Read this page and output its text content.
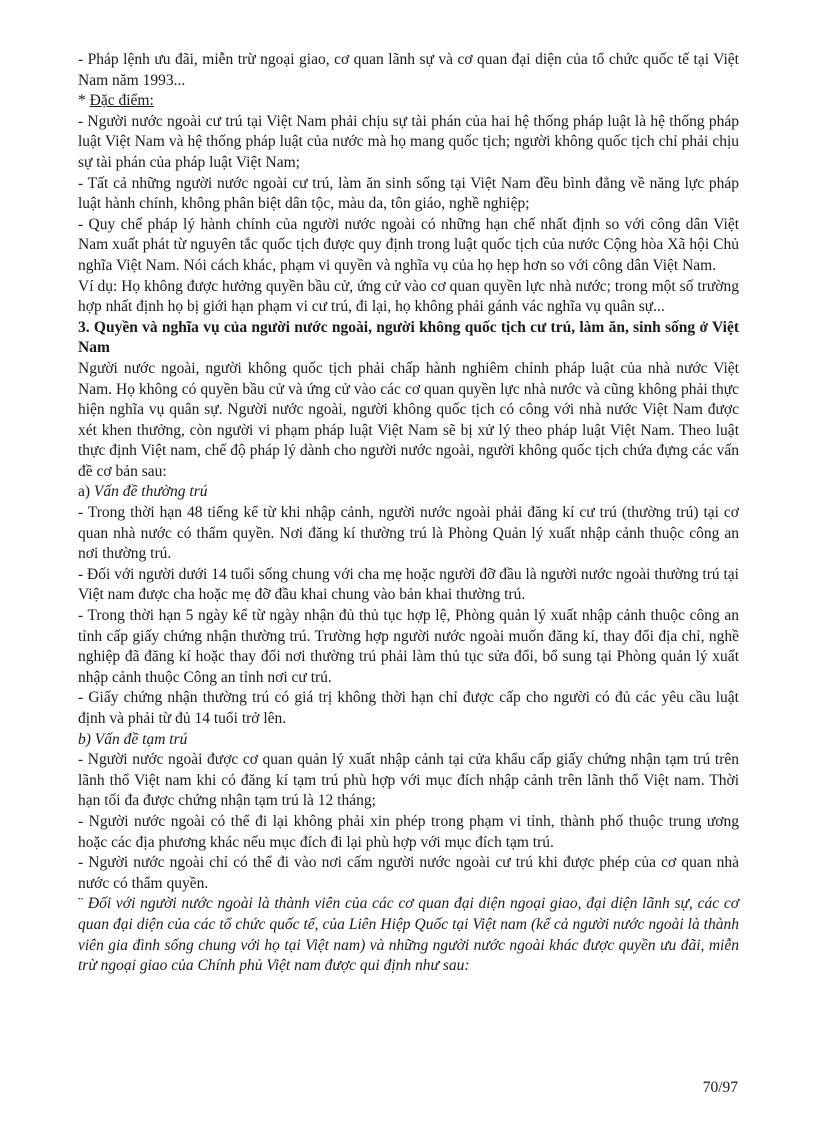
- Pháp lệnh ưu đãi, miễn trừ ngoại giao, cơ quan lãnh sự và cơ quan đại diện của tổ chức quốc tế tại Việt Nam năm 1993...

* Đặc điểm:

- Người nước ngoài cư trú tại Việt Nam phải chịu sự tài phán của hai hệ thống pháp luật là hệ thống pháp luật Việt Nam và hệ thống pháp luật của nước mà họ mang quốc tịch; người không quốc tịch chỉ phải chịu sự tài phán của pháp luật Việt Nam;

- Tất cả những người nước ngoài cư trú, làm ăn sinh sống tại Việt Nam đều bình đẳng về năng lực pháp luật hành chính, không phân biệt dân tộc, màu da, tôn giáo, nghề nghiệp;

- Quy chế pháp lý hành chính của người nước ngoài có những hạn chế nhất định so với công dân Việt Nam xuất phát từ nguyên tắc quốc tịch được quy định trong luật quốc tịch của nước Cộng hòa Xã hội Chủ nghĩa Việt Nam. Nói cách khác, phạm vi quyền và nghĩa vụ của họ hẹp hơn so với công dân Việt Nam.

Ví dụ: Họ không được hưởng quyền bầu cử, ứng cử vào cơ quan quyền lực nhà nước; trong một số trường hợp nhất định họ bị giới hạn phạm vi cư trú, đi lại, họ không phải gánh vác nghĩa vụ quân sự...

3. Quyền và nghĩa vụ của người nước ngoài, người không quốc tịch cư trú, làm ăn, sinh sống ở Việt Nam

Người nước ngoài, người không quốc tịch phải chấp hành nghiêm chỉnh pháp luật của nhà nước Việt Nam. Họ không có quyền bầu cử và ứng cử vào các cơ quan quyền lực nhà nước và cũng không phải thực hiện nghĩa vụ quân sự. Người nước ngoài, người không quốc tịch có công với nhà nước Việt Nam được xét khen thưởng, còn người vi phạm pháp luật Việt Nam sẽ bị xử lý theo pháp luật Việt Nam. Theo luật thực định Việt nam, chế độ pháp lý dành cho người nước ngoài, người không quốc tịch chứa đựng các vấn đề cơ bản sau:

a) Vấn đề thường trú

- Trong thời hạn 48 tiếng kể từ khi nhập cảnh, người nước ngoài phải đăng kí cư trú (thường trú) tại cơ quan nhà nước có thẩm quyền. Nơi đăng kí thường trú là Phòng Quản lý xuất nhập cảnh thuộc công an nơi thường trú.

- Đối với người dưới 14 tuổi sống chung với cha mẹ hoặc người đỡ đầu là người nước ngoài thường trú tại Việt nam được cha hoặc mẹ đỡ đầu khai chung vào bản khai thường trú.

- Trong thời hạn 5 ngày kể từ ngày nhận đủ thủ tục hợp lệ, Phòng quản lý xuất nhập cảnh thuộc công an tỉnh cấp giấy chứng nhận thường trú. Trường hợp người nước ngoài muốn đăng kí, thay đổi địa chỉ, nghề nghiệp đã đăng kí hoặc thay đổi nơi thường trú phải làm thủ tục sửa đổi, bổ sung tại Phòng quản lý xuất nhập cảnh thuộc Công an tỉnh nơi cư trú.

- Giấy chứng nhận thường trú có giá trị không thời hạn chỉ được cấp cho người có đủ các yêu cầu luật định và phải từ đủ 14 tuổi trở lên.

b) Vấn đề tạm trú

- Người nước ngoài được cơ quan quản lý xuất nhập cảnh tại cửa khẩu cấp giấy chứng nhận tạm trú trên lãnh thổ Việt nam khi có đăng kí tạm trú phù hợp với mục đích nhập cảnh trên lãnh thổ Việt nam. Thời hạn tối đa được chứng nhận tạm trú là 12 tháng;

- Người nước ngoài có thể đi lại không phải xin phép trong phạm vi tỉnh, thành phố thuộc trung ương hoặc các địa phương khác nếu mục đích đi lại phù hợp với mục đích tạm trú.

- Người nước ngoài chỉ có thể đi vào nơi cấm người nước ngoài cư trú khi được phép của cơ quan nhà nước có thẩm quyền.

¨ Đối với người nước ngoài là thành viên của các cơ quan đại diện ngoại giao, đại diện lãnh sự, các cơ quan đại diện của các tổ chức quốc tế, của Liên Hiệp Quốc tại Việt nam (kể cả người nước ngoài là thành viên gia đình sống chung với họ tại Việt nam) và những người nước ngoài khác được quyền ưu đãi, miễn trừ ngoại giao của Chính phủ Việt nam được qui định như sau:

70/97
